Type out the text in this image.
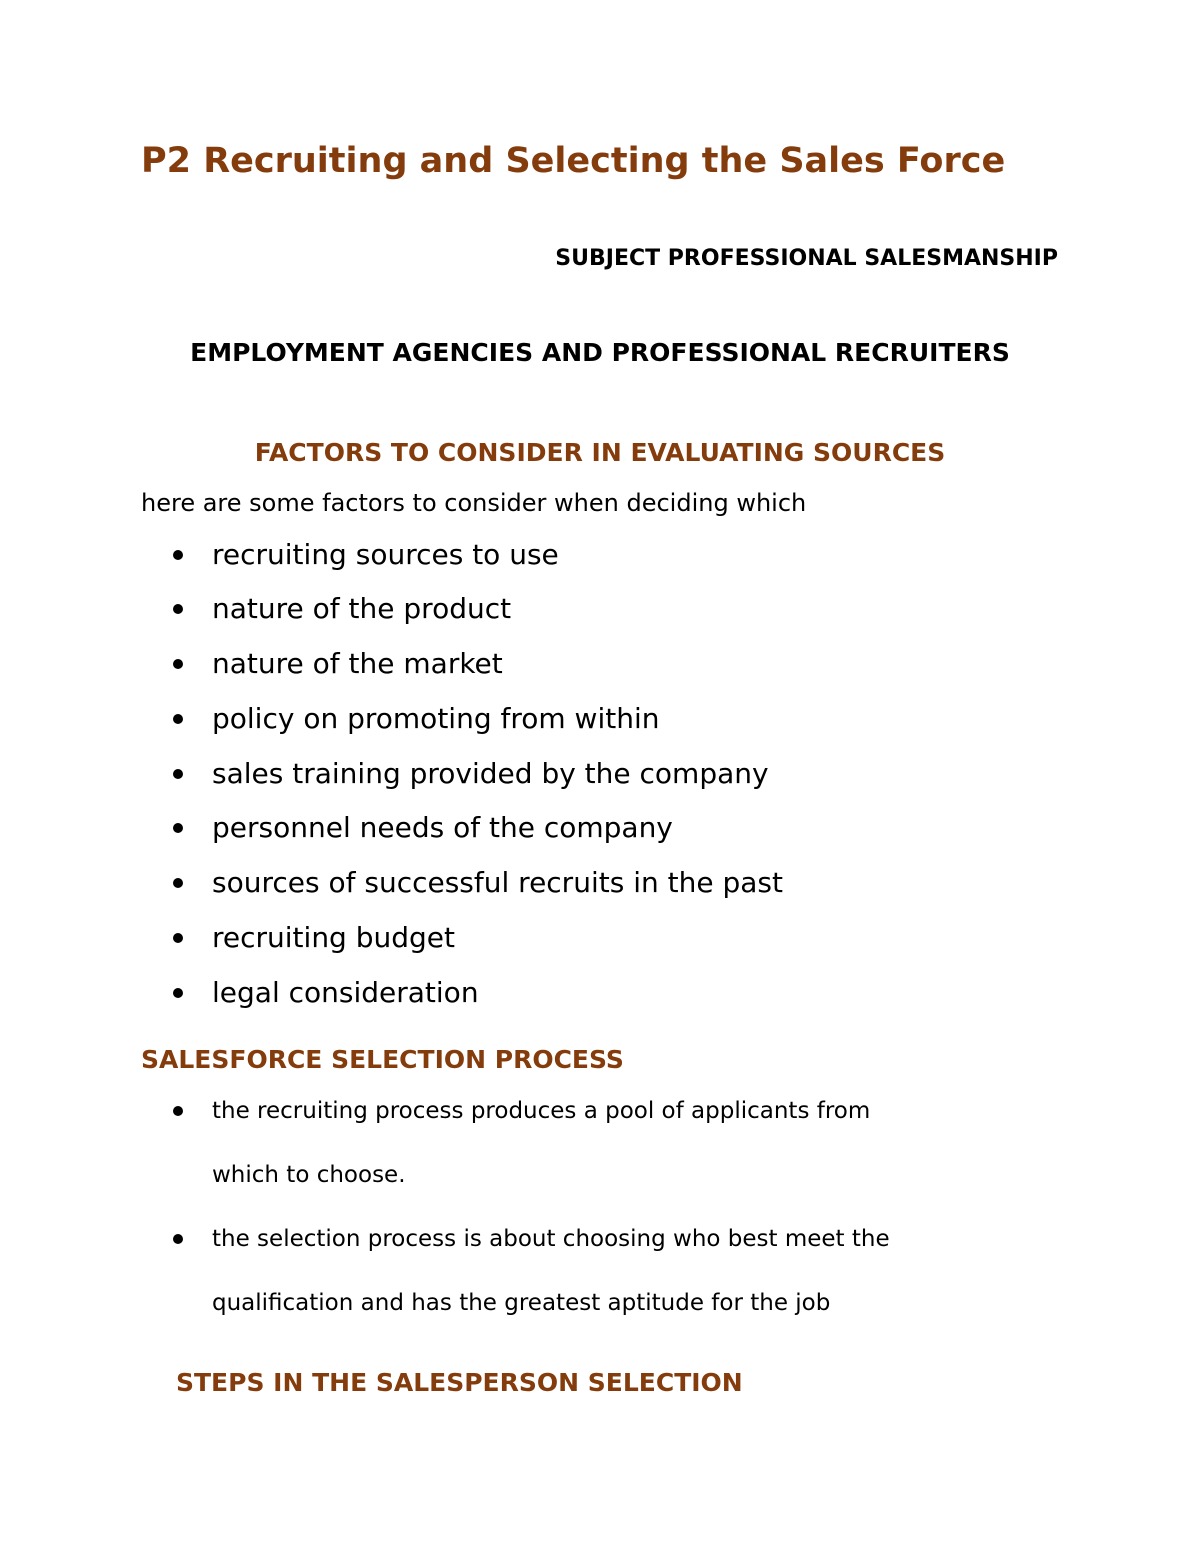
P2 Recruiting and Selecting the Sales Force
SUBJECT PROFESSIONAL SALESMANSHIP
EMPLOYMENT AGENCIES AND PROFESSIONAL RECRUITERS
FACTORS TO CONSIDER IN EVALUATING SOURCES

here are some factors to consider when deciding which

recruiting sources to use
nature of the product
nature of the market
policy on promoting from within
sales training provided by the company
personnel needs of the company
sources of successful recruits in the past
recruiting budget
legal consideration
SALESFORCE SELECTION PROCESS
the recruiting process produces a pool of applicants from
which to choose.
the selection process is about choosing who best meet the
qualification and has the greatest aptitude for the job
STEPS IN THE SALESPERSON SELECTION
